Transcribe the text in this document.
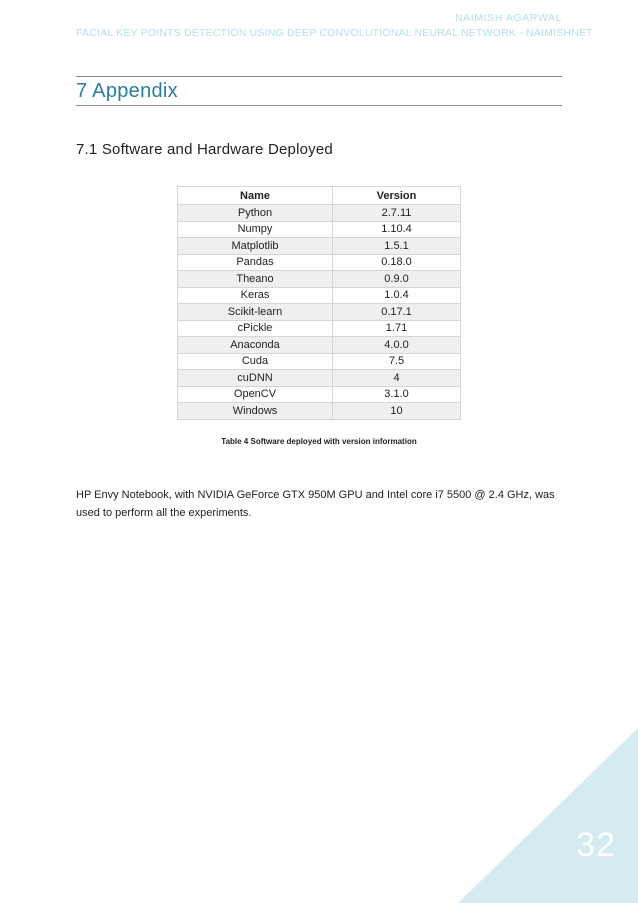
NAIMISH AGARWAL
FACIAL KEY POINTS DETECTION USING DEEP CONVOLUTIONAL NEURAL NETWORK - NAIMISHNET
7 Appendix
7.1 Software and Hardware Deployed
Name	Version
Python	2.7.11
Numpy	1.10.4
Matplotlib	1.5.1
Pandas	0.18.0
Theano	0.9.0
Keras	1.0.4
Scikit-learn	0.17.1
cPickle	1.71
Anaconda	4.0.0
Cuda	7.5
cuDNN	4
OpenCV	3.1.0
Windows	10
Table 4 Software deployed with version information
HP Envy Notebook, with NVIDIA GeForce GTX 950M GPU and Intel core i7 5500 @ 2.4 GHz, was used to perform all the experiments.
32
